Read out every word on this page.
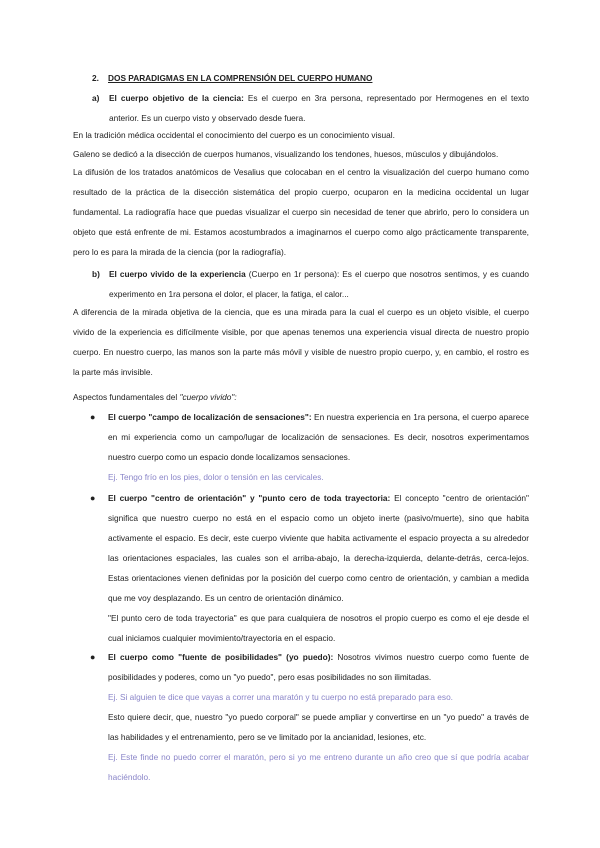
2. DOS PARADIGMAS EN LA COMPRENSIÓN DEL CUERPO HUMANO
a) El cuerpo objetivo de la ciencia: Es el cuerpo en 3ra persona, representado por Hermogenes en el texto anterior. Es un cuerpo visto y observado desde fuera.
En la tradición médica occidental el conocimiento del cuerpo es un conocimiento visual.
Galeno se dedicó a la disección de cuerpos humanos, visualizando los tendones, huesos, músculos y dibujándolos.
La difusión de los tratados anatómicos de Vesalius que colocaban en el centro la visualización del cuerpo humano como resultado de la práctica de la disección sistemática del propio cuerpo, ocuparon en la medicina occidental un lugar fundamental. La radiografía hace que puedas visualizar el cuerpo sin necesidad de tener que abrirlo, pero lo considera un objeto que está enfrente de mi. Estamos acostumbrados a imaginarnos el cuerpo como algo prácticamente transparente, pero lo es para la mirada de la ciencia (por la radiografía).
b) El cuerpo vivido de la experiencia (Cuerpo en 1r persona): Es el cuerpo que nosotros sentimos, y es cuando experimento en 1ra persona el dolor, el placer, la fatiga, el calor...
A diferencia de la mirada objetiva de la ciencia, que es una mirada para la cual el cuerpo es un objeto visible, el cuerpo vivido de la experiencia es difícilmente visible, por que apenas tenemos una experiencia visual directa de nuestro propio cuerpo. En nuestro cuerpo, las manos son la parte más móvil y visible de nuestro propio cuerpo, y, en cambio, el rostro es la parte más invisible.
Aspectos fundamentales del "cuerpo vivido":
● El cuerpo "campo de localización de sensaciones": En nuestra experiencia en 1ra persona, el cuerpo aparece en mi experiencia como un campo/lugar de localización de sensaciones. Es decir, nosotros experimentamos nuestro cuerpo como un espacio donde localizamos sensaciones.
Ej. Tengo frío en los pies, dolor o tensión en las cervicales.
● El cuerpo "centro de orientación" y "punto cero de toda trayectoria: El concepto "centro de orientación" significa que nuestro cuerpo no está en el espacio como un objeto inerte (pasivo/muerte), sino que habita activamente el espacio. Es decir, este cuerpo viviente que habita activamente el espacio proyecta a su alrededor las orientaciones espaciales, las cuales son el arriba-abajo, la derecha-izquierda, delante-detrás, cerca-lejos. Estas orientaciones vienen definidas por la posición del cuerpo como centro de orientación, y cambian a medida que me voy desplazando. Es un centro de orientación dinámico.
"El punto cero de toda trayectoria" es que para cualquiera de nosotros el propio cuerpo es como el eje desde el cual iniciamos cualquier movimiento/trayectoria en el espacio.
● El cuerpo como "fuente de posibilidades" (yo puedo): Nosotros vivimos nuestro cuerpo como fuente de posibilidades y poderes, como un "yo puedo", pero esas posibilidades no son ilimitadas.
Ej. Si alguien te dice que vayas a correr una maratón y tu cuerpo no está preparado para eso.
Esto quiere decir, que, nuestro "yo puedo corporal" se puede ampliar y convertirse en un "yo puedo" a través de las habilidades y el entrenamiento, pero se ve limitado por la ancianidad, lesiones, etc.
Ej. Este finde no puedo correr el maratón, pero si yo me entreno durante un año creo que sí que podría acabar haciéndolo.
